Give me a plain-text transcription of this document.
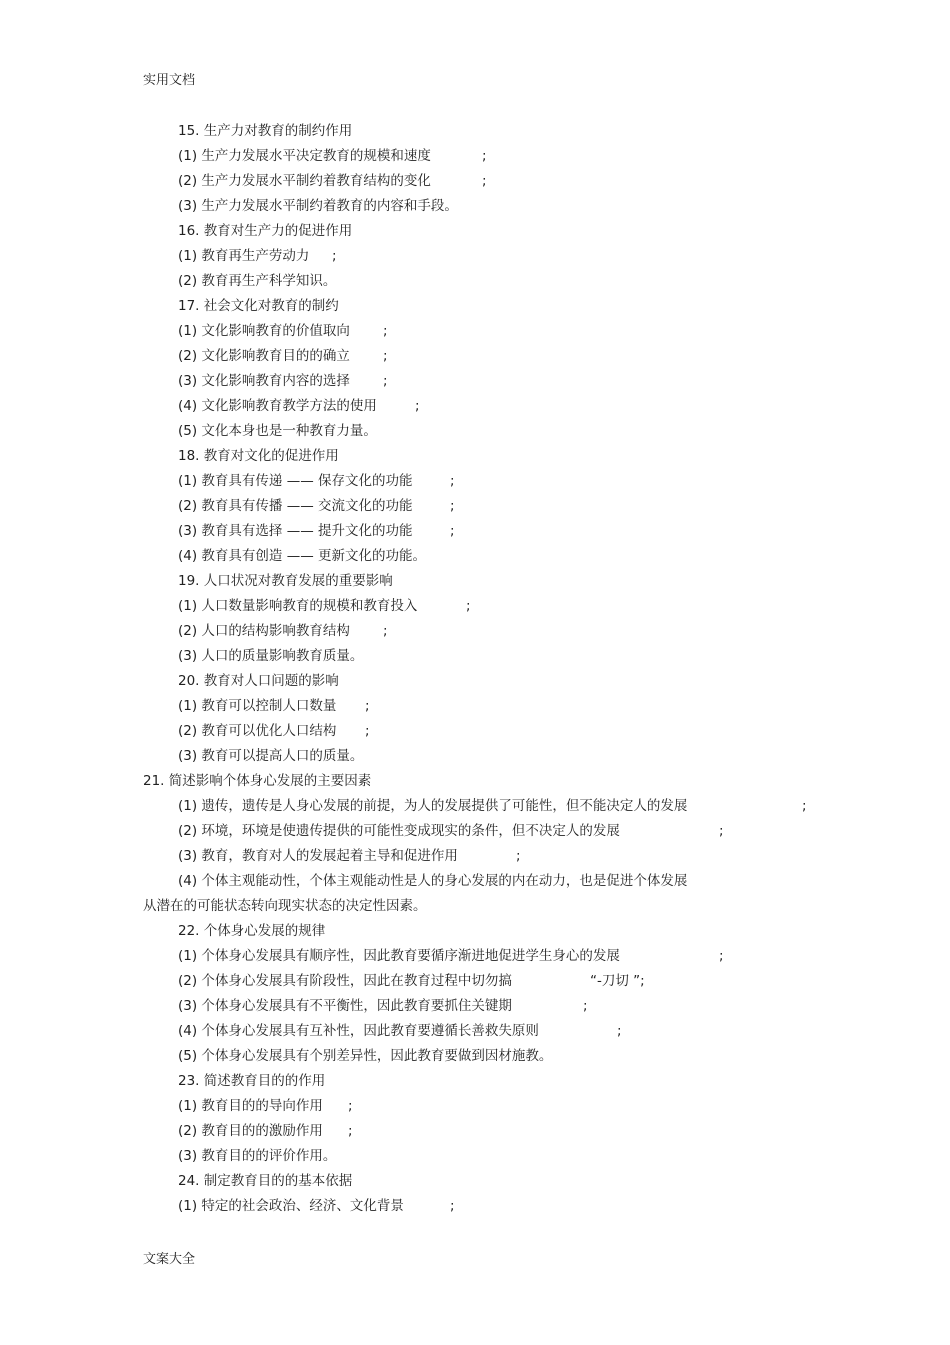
实用文档
15. 生产力对教育的制约作用
(1) 生产力发展水平决定教育的规模和速度	;
(2) 生产力发展水平制约着教育结构的变化	;
(3) 生产力发展水平制约着教育的内容和手段。
16. 教育对生产力的促进作用
(1) 教育再生产劳动力 ;
(2) 教育再生产科学知识。
17. 社会文化对教育的制约
(1) 文化影响教育的价值取向 ;
(2) 文化影响教育目的的确立 ;
(3) 文化影响教育内容的选择 ;
(4) 文化影响教育教学方法的使用	;
(5) 文化本身也是一种教育力量。
18. 教育对文化的促进作用
(1) 教育具有传递 —— 保存文化的功能	;
(2) 教育具有传播 —— 交流文化的功能	;
(3) 教育具有选择 —— 提升文化的功能	;
(4) 教育具有创造 —— 更新文化的功能。
19. 人口状况对教育发展的重要影响
(1) 人口数量影响教育的规模和教育投入	;
(2) 人口的结构影响教育结构 ;
(3) 人口的质量影响教育质量。
20. 教育对人口问题的影响
(1) 教育可以控制人口数量 ;
(2) 教育可以优化人口结构 ;
(3) 教育可以提高人口的质量。
21. 简述影响个体身心发展的主要因素
(1) 遗传，遗传是人身心发展的前提，为人的发展提供了可能性，但不能决定人的发展	;
(2) 环境，环境是使遗传提供的可能性变成现实的条件，但不决定人的发展	;
(3) 教育，教育对人的发展起着主导和促进作用	;
(4) 个体主观能动性，个体主观能动性是人的身心发展的内在动力，也是促进个体发展
从潜在的可能状态转向现实状态的决定性因素。
22. 个体身心发展的规律
(1) 个体身心发展具有顺序性，因此教育要循序渐进地促进学生身心的发展	;
(2) 个体身心发展具有阶段性，因此在教育过程中切勿搞	“-刀切 ”;
(3) 个体身心发展具有不平衡性，因此教育要抓住关键期	;
(4) 个体身心发展具有互补性，因此教育要遵循长善救失原则	;
(5) 个体身心发展具有个别差异性，因此教育要做到因材施教。
23. 简述教育目的的作用
(1) 教育目的的导向作用 ;
(2) 教育目的的激励作用 ;
(3) 教育目的的评价作用。
24. 制定教育目的的基本依据
(1) 特定的社会政治、经济、文化背景	;
文案大全
